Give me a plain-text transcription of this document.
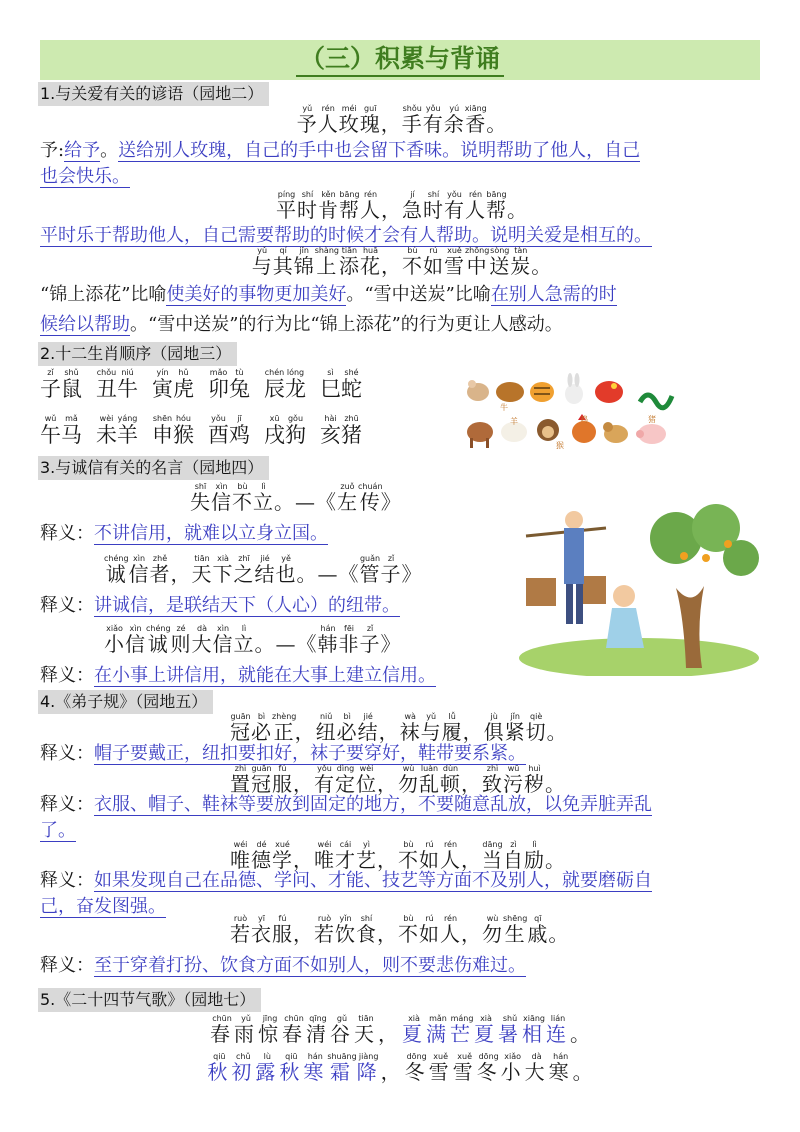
（三）积累与背诵
1.与关爱有关的谚语（园地二）
予yǔ人rén玫méi瑰guī，手shǒu有yǒu余yú香xiāng。
予:给予。送给别人玫瑰，自己的手中也会留下香味。说明帮助了他人，自己
也会快乐。
平píng时shí肯kěn帮bāng人rén，急jí时shí有yǒu人rén帮bāng。
平时乐于帮助他人，自己需要帮助的时候才会有人帮助。说明关爱是相互的。
与yǔ其qí锦jǐn上shàng添tiān花huā，不bù如rú雪xuě中zhōng送sòng炭tàn。
“锦上添花”比喻使美好的事物更加美好。“雪中送炭”比喻在别人急需的时
候给以帮助。“雪中送炭”的行为比“锦上添花”的行为更让人感动。
2.十二生肖顺序（园地三）
子zǐ鼠shǔ丑chǒu牛niú寅yín虎hǔ卯mǎo兔tù辰chén龙lóng巳sì蛇shé
午wǔ马mǎ未wèi羊yáng申shēn猴hóu酉yǒu鸡jī戌xū狗gǒu亥hài猪zhū
牛
羊
猴
鸡	猪
3.与诚信有关的名言（园地四）
失shī信xìn不bù立lì。—《左zuǒ传chuán》
释义：不讲信用，就难以立身立国。
诚chéng信xìn者zhě，天tiān下xià之zhī结jié也yě。—《管guǎn子zǐ》
释义：讲诚信，是联结天下（人心）的纽带。
小xiǎo信xìn诚chéng则zé大dà信xìn立lì。—《韩hán非fēi子zǐ》
释义：在小事上讲信用，就能在大事上建立信用。
4.《弟子规》（园地五）
冠guān必bì正zhèng，纽niǔ必bì结jié，袜wà与yǔ履lǚ，俱jù紧jǐn切qiè。
释义：帽子要戴正，纽扣要扣好，袜子要穿好，鞋带要系紧。
置zhì冠guān服fú，有yǒu定dìng位wèi，勿wù乱luàn顿dùn，致zhì污wū秽huì。
释义：衣服、帽子、鞋袜等要放到固定的地方，不要随意乱放，以免弄脏弄乱
了。
唯wéi德dé学xué，唯wéi才cái艺yì，不bù如rú人rén，当dāng自zì励lì。
释义：如果发现自己在品德、学问、才能、技艺等方面不及别人，就要磨砺自
己，奋发图强。
若ruò衣yī服fú，若ruò饮yǐn食shí，不bù如rú人rén，勿wù生shēng戚qī。
释义：至于穿着打扮、饮食方面不如别人，则不要悲伤难过。
5.《二十四节气歌》（园地七）
春chūn雨yǔ惊jīng春chūn清qīng谷gǔ天tiān，夏xià满mǎn芒máng夏xià暑shǔ相xiāng连lián。
秋qiū初chǔ露lù秋qiū寒hán霜shuāng降jiàng，冬dōng雪xuě雪xuě冬dōng小xiǎo大dà寒hán。
